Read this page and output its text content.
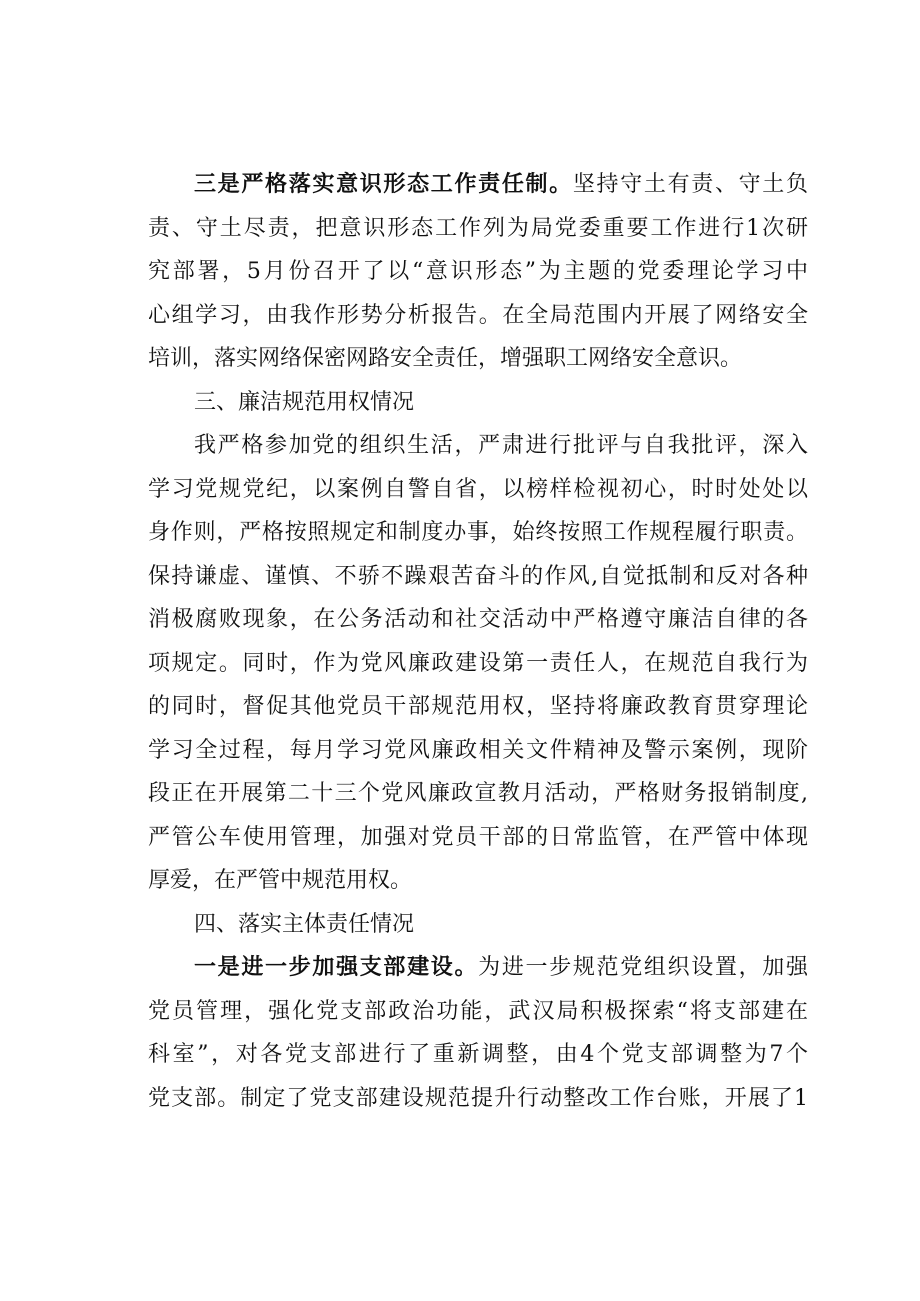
三是严格落实意识形态工作责任制。坚持守土有责、守土负
责、守土尽责，把意识形态工作列为局党委重要工作进行1次研
究部署，5月份召开了以“意识形态”为主题的党委理论学习中
心组学习，由我作形势分析报告。在全局范围内开展了网络安全
培训，落实网络保密网路安全责任，增强职工网络安全意识。
三、廉洁规范用权情况
我严格参加党的组织生活，严肃进行批评与自我批评，深入
学习党规党纪，以案例自警自省，以榜样检视初心，时时处处以
身作则，严格按照规定和制度办事，始终按照工作规程履行职责。
保持谦虚、谨慎、不骄不躁艰苦奋斗的作风,自觉抵制和反对各种
消极腐败现象，在公务活动和社交活动中严格遵守廉洁自律的各
项规定。同时，作为党风廉政建设第一责任人，在规范自我行为
的同时，督促其他党员干部规范用权，坚持将廉政教育贯穿理论
学习全过程，每月学习党风廉政相关文件精神及警示案例，现阶
段正在开展第二十三个党风廉政宣教月活动，严格财务报销制度,
严管公车使用管理，加强对党员干部的日常监管，在严管中体现
厚爱，在严管中规范用权。
四、落实主体责任情况
一是进一步加强支部建设。为进一步规范党组织设置，加强
党员管理，强化党支部政治功能，武汉局积极探索“将支部建在
科室”，对各党支部进行了重新调整，由4个党支部调整为7个
党支部。制定了党支部建设规范提升行动整改工作台账，开展了1
